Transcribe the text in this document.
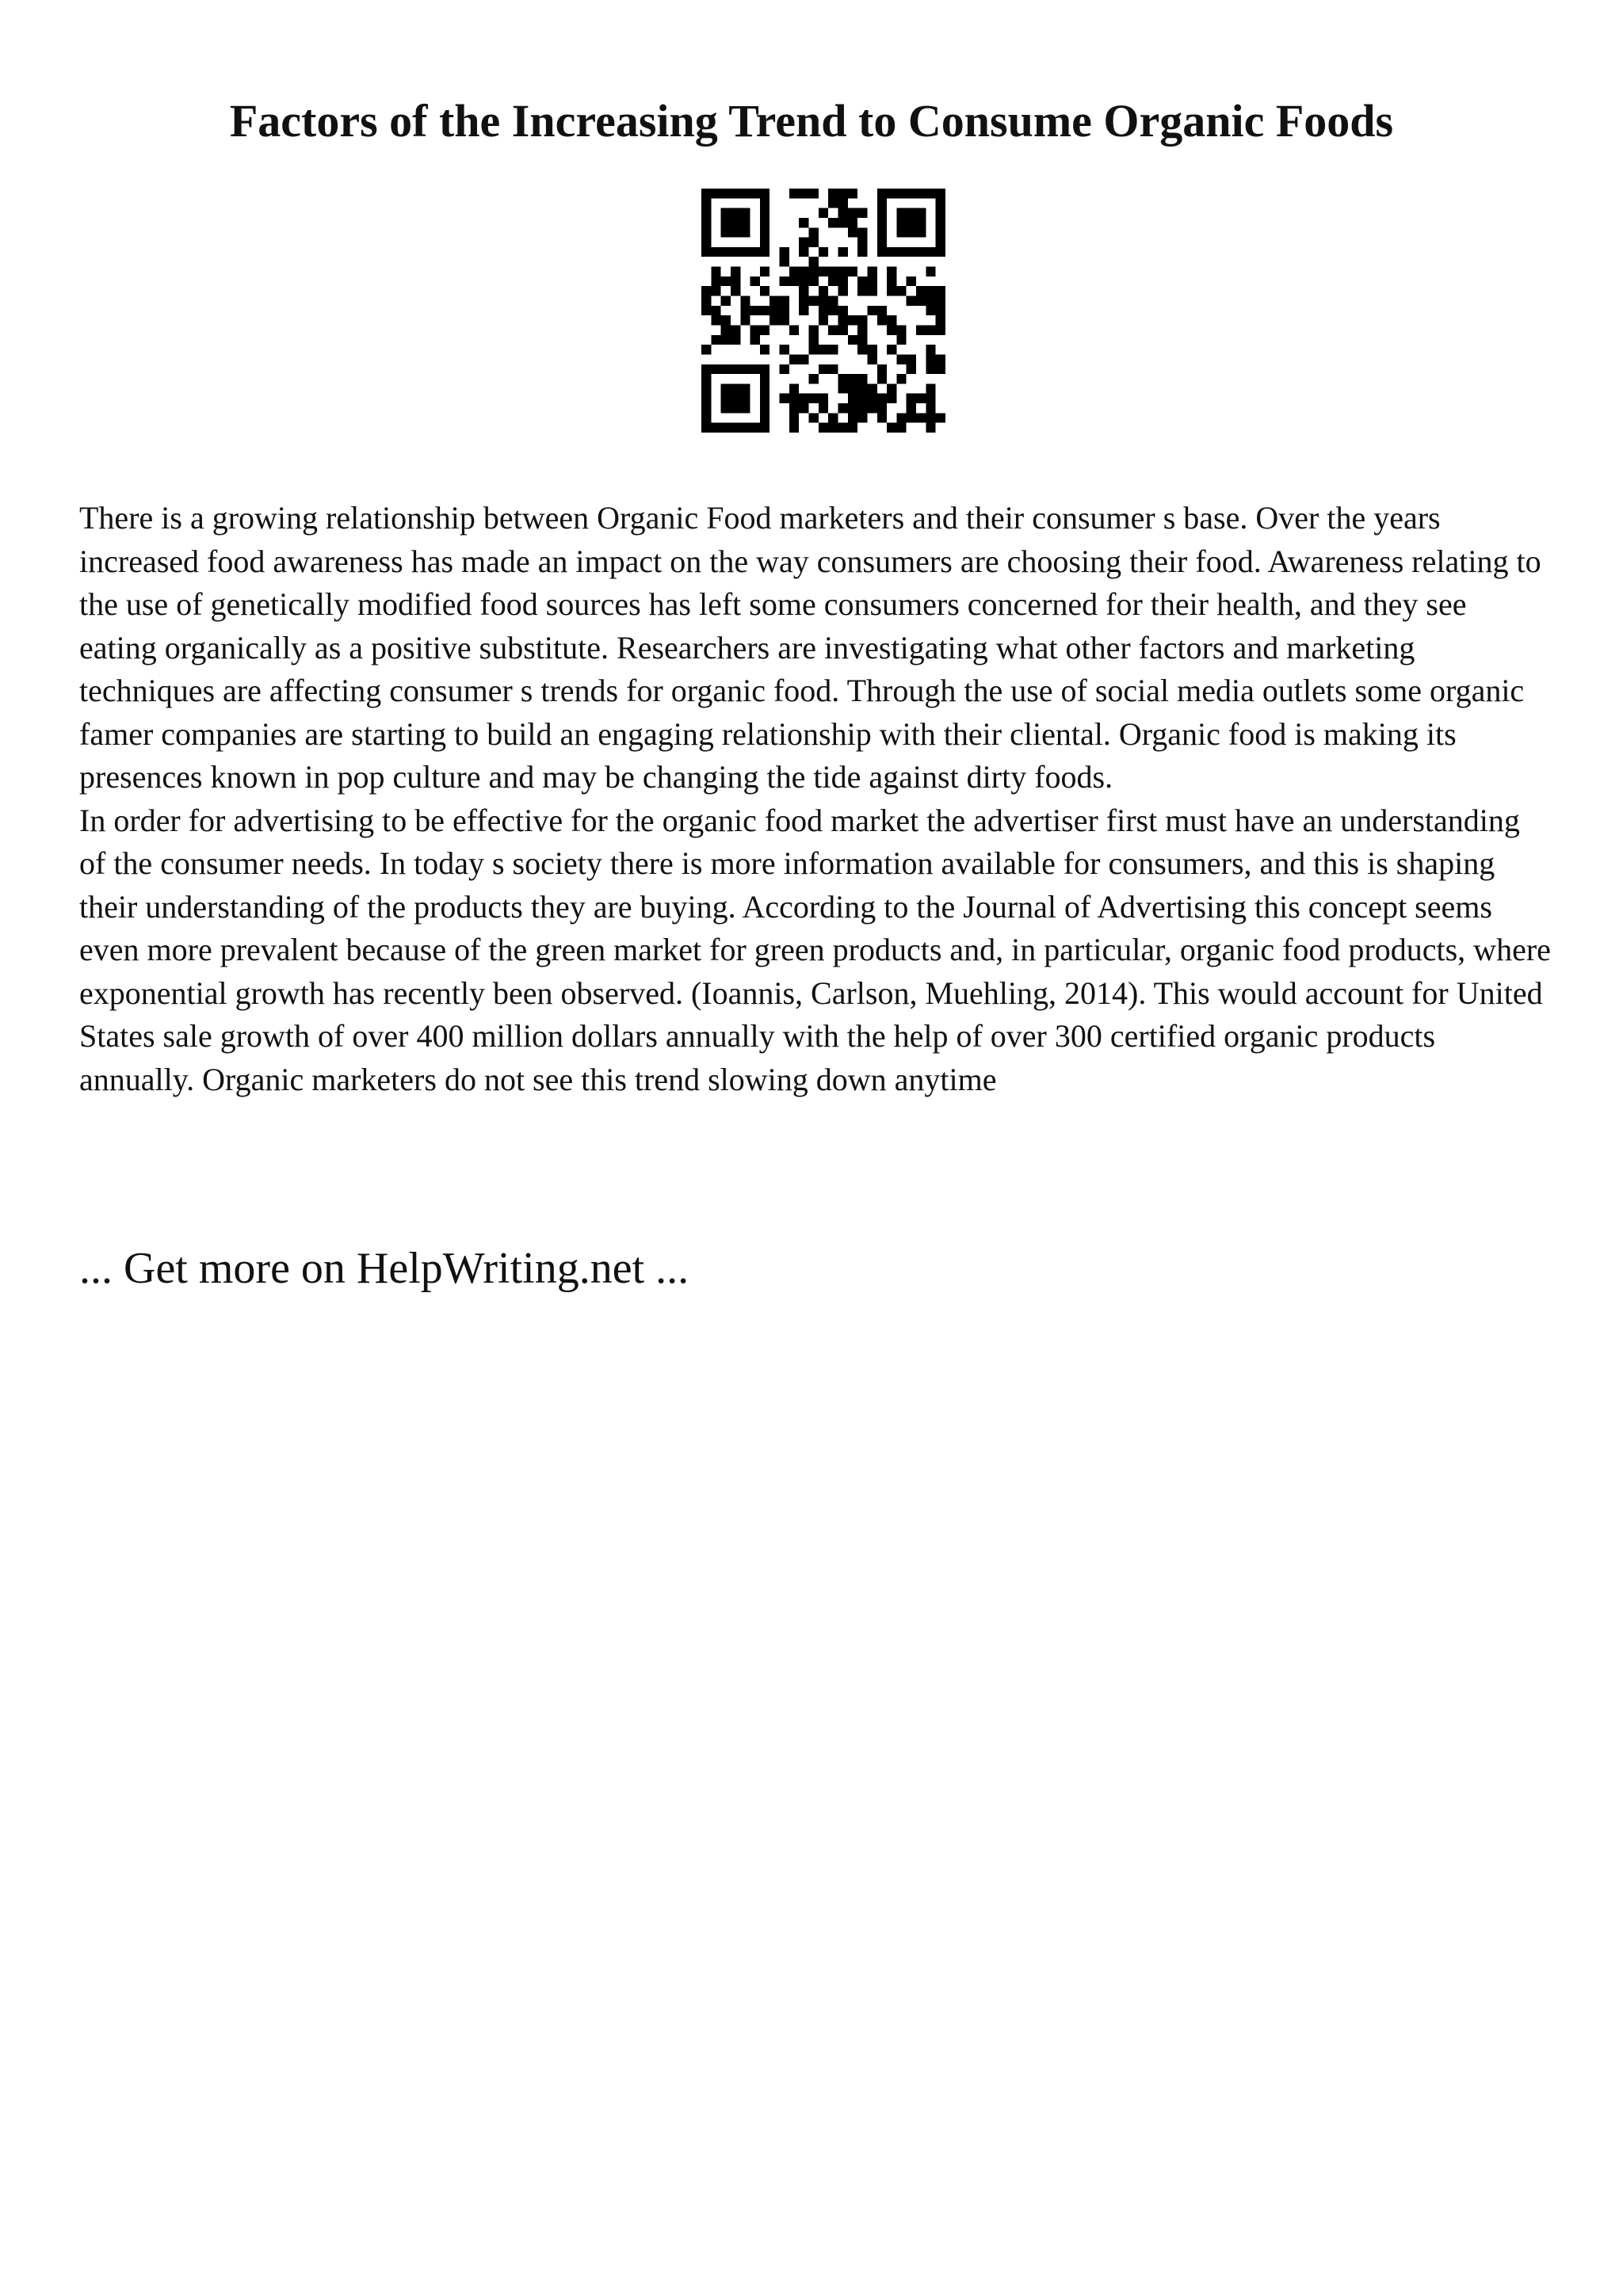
Factors of the Increasing Trend to Consume Organic Foods

There is a growing relationship between Organic Food marketers and their consumer s base. Over the years increased food awareness has made an impact on the way consumers are choosing their food. Awareness relating to the use of genetically modified food sources has left some consumers concerned for their health, and they see eating organically as a positive substitute. Researchers are investigating what other factors and marketing techniques are affecting consumer s trends for organic food. Through the use of social media outlets some organic famer companies are starting to build an engaging relationship with their cliental. Organic food is making its presences known in pop culture and may be changing the tide against dirty foods.

In order for advertising to be effective for the organic food market the advertiser first must have an understanding of the consumer needs. In today s society there is more information available for consumers, and this is shaping their understanding of the products they are buying. According to the Journal of Advertising this concept seems even more prevalent because of the green market for green products and, in particular, organic food products, where exponential growth has recently been observed. (Ioannis, Carlson, Muehling, 2014). This would account for United States sale growth of over 400 million dollars annually with the help of over 300 certified organic products annually. Organic marketers do not see this trend slowing down anytime

... Get more on HelpWriting.net ...
